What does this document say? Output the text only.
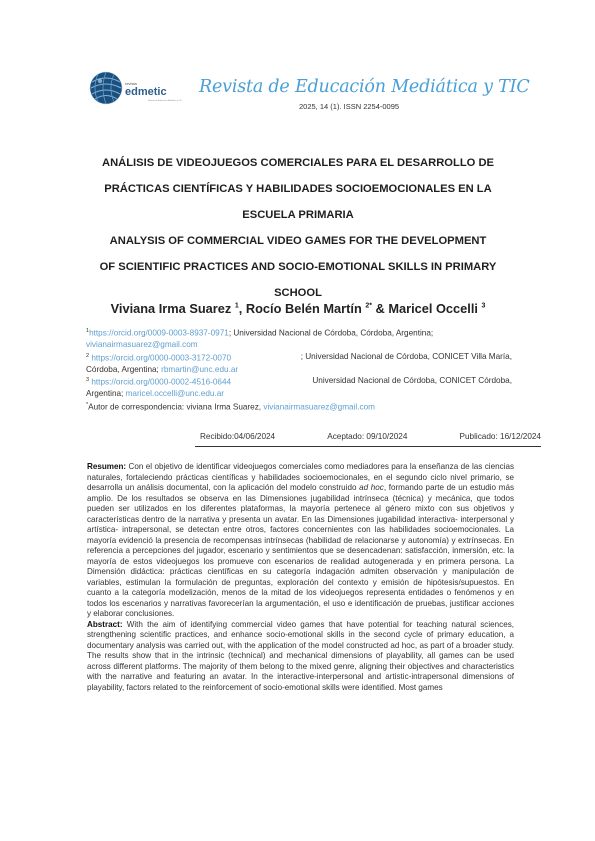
revista
edmetic
Revista de Educación Mediática y TIC
Revista de Educación Mediática y TIC
2025, 14 (1). ISSN 2254-0095
ANÁLISIS DE VIDEOJUEGOS COMERCIALES PARA EL DESARROLLO DE
PRÁCTICAS CIENTÍFICAS Y HABILIDADES SOCIOEMOCIONALES EN LA
ESCUELA PRIMARIA
ANALYSIS OF COMMERCIAL VIDEO GAMES FOR THE DEVELOPMENT
OF SCIENTIFIC PRACTICES AND SOCIO-EMOTIONAL SKILLS IN PRIMARY
SCHOOL
Viviana Irma Suarez $^1$, Rocío Belén Martín $^{2*}$ & Maricel Occelli $^3$
$^1$https://orcid.org/0009-0003-8937-0971; Universidad Nacional de Córdoba, Córdoba, Argentina;
vivianairmasuarez@gmail.com
$^2$ https://orcid.org/0000-0003-3172-0070	; Universidad Nacional de Córdoba, CONICET Villa María,
Córdoba, Argentina; rbmartin@unc.edu.ar
$^3$ https://orcid.org/0000-0002-4516-0644	Universidad Nacional de Córdoba, CONICET Córdoba,
Argentina; maricel.occelli@unc.edu.ar
*Autor de correspondencia: viviana Irma Suarez, vivianairmasuarez@gmail.com
Recibido:04/06/2024	Aceptado: 09/10/2024	Publicado: 16/12/2024

Resumen: Con el objetivo de identificar videojuegos comerciales como mediadores para la enseñanza de las ciencias naturales, fortaleciendo prácticas científicas y habilidades socioemocionales, en el segundo ciclo nivel primario, se desarrolla un análisis documental, con la aplicación del modelo construido ad hoc, formando parte de un estudio más amplio. De los resultados se observa en las Dimensiones jugabilidad intrínseca (técnica) y mecánica, que todos pueden ser utilizados en los diferentes plataformas, la mayoría pertenece al género mixto con sus objetivos y características dentro de la narrativa y presenta un avatar. En las Dimensiones jugabilidad interactiva- interpersonal y artística- intrapersonal, se detectan entre otros, factores concernientes con las habilidades socioemocionales. La mayoría evidenció la presencia de recompensas intrínsecas (habilidad de relacionarse y autonomía) y extrínsecas. En referencia a percepciones del jugador, escenario y sentimientos que se desencadenan: satisfacción, inmersión, etc. la mayoría de estos videojuegos los promueve con escenarios de realidad autogenerada y en primera persona. La Dimensión didáctica: prácticas científicas en su categoría indagación admiten observación y manipulación de variables, estimulan la formulación de preguntas, exploración del contexto y emisión de hipótesis/supuestos. En cuanto a la categoría modelización, menos de la mitad de los videojuegos representa entidades o fenómenos y en todos los escenarios y narrativas favorecerían la argumentación, el uso e identificación de pruebas, justificar acciones y elaborar conclusiones.

Abstract: With the aim of identifying commercial video games that have potential for teaching natural sciences, strengthening scientific practices, and enhance socio-emotional skills in the second cycle of primary education, a documentary analysis was carried out, with the application of the model constructed ad hoc, as part of a broader study. The results show that in the intrinsic (technical) and mechanical dimensions of playability, all games can be used across different platforms. The majority of them belong to the mixed genre, aligning their objectives and characteristics with the narrative and featuring an avatar. In the interactive-interpersonal and artistic-intrapersonal dimensions of playability, factors related to the reinforcement of socio-emotional skills were identified. Most games
